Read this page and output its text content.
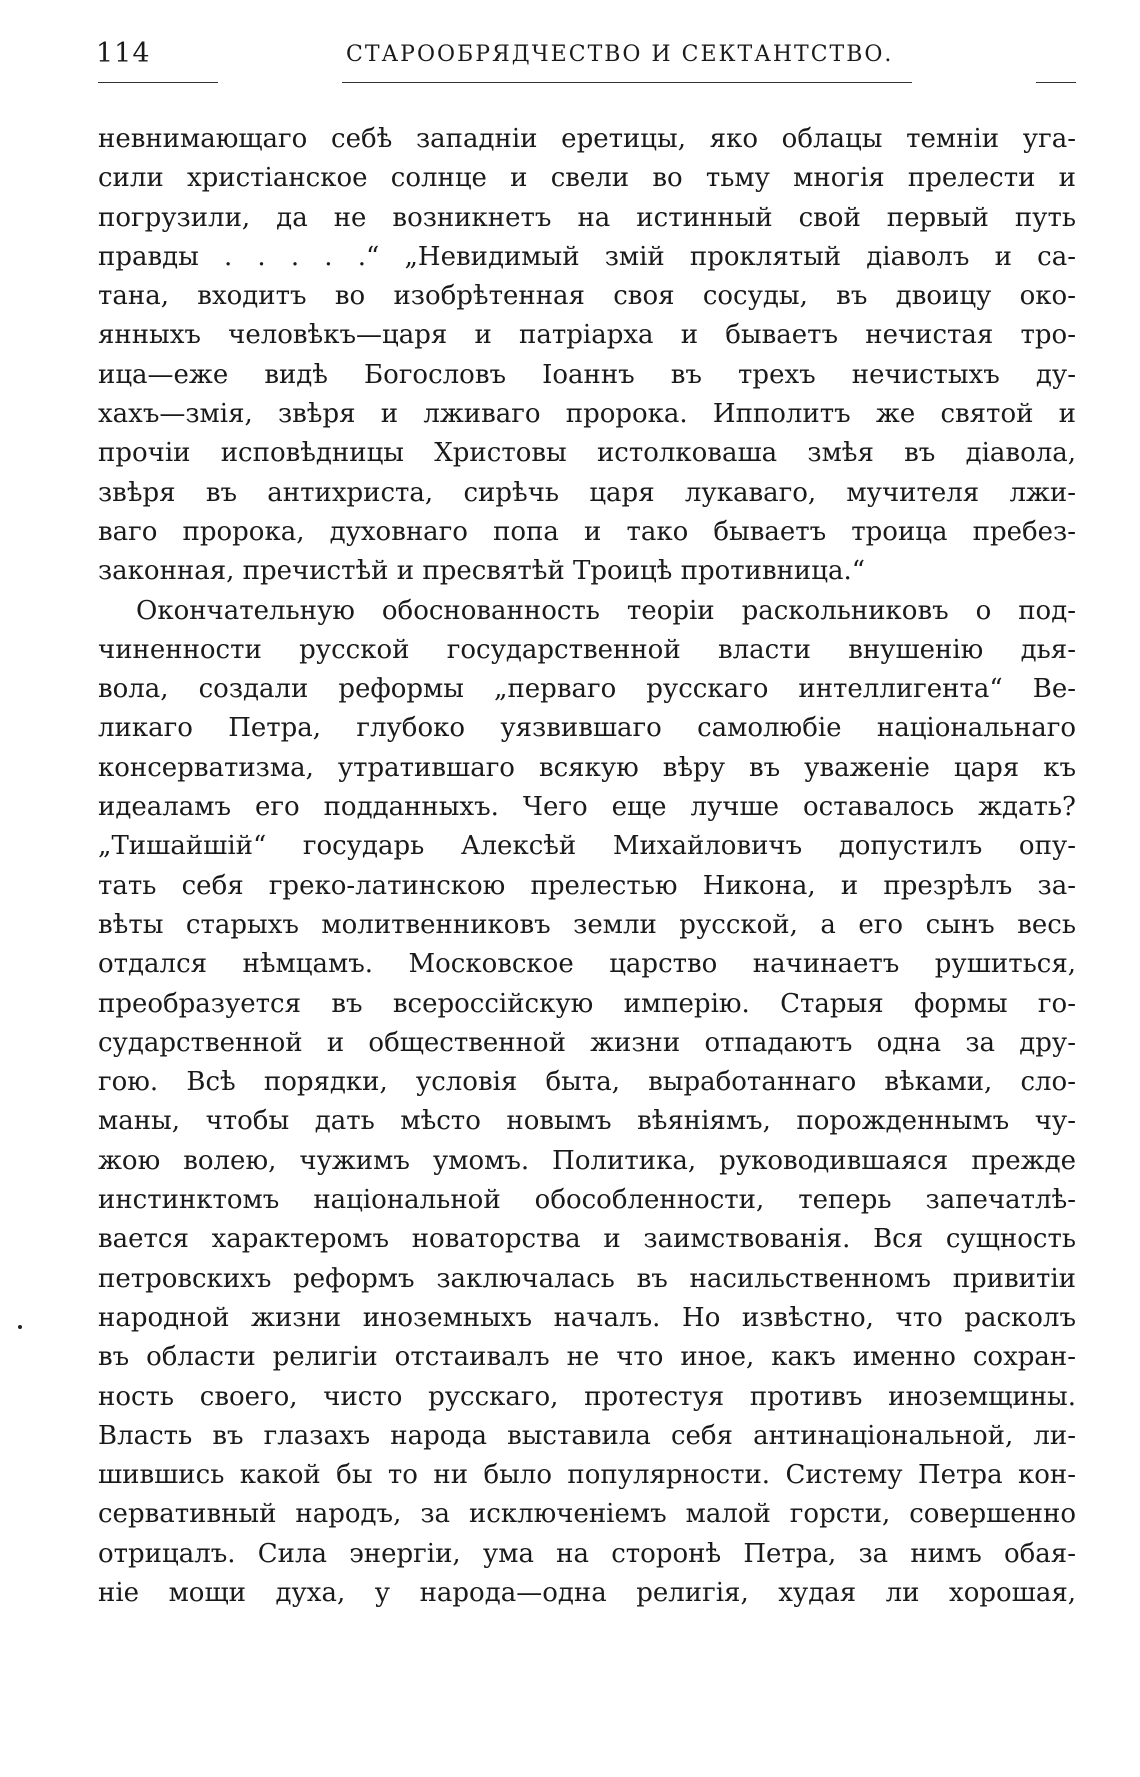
114	СТАРООБРЯДЧЕСТВО И СЕКТАНТСТВО.
невнимающаго себѣ западніи еретицы, яко облацы темніи уга-
сили христіанское солнце и свели во тьму многія прелести и
погрузили, да не возникнетъ на истинный свой первый путь
правды . . . . .“ „Невидимый змій проклятый діаволъ и са-
тана, входитъ во изобрѣтенная своя сосуды, въ двоицу око-
янныхъ человѣкъ—царя и патріарха и бываетъ нечистая тро-
ица—еже видѣ Богословъ Іоаннъ въ трехъ нечистыхъ ду-
хахъ—змія, звѣря и лживаго пророка. Ипполитъ же святой и
прочіи исповѣдницы Христовы истолковаша змѣя въ діавола,
звѣря въ антихриста, сирѣчь царя лукаваго, мучителя лжи-
ваго пророка, духовнаго попа и тако бываетъ троица пребез-
законная, пречистѣй и пресвятѣй Троицѣ противница.“
Окончательную обоснованность теоріи раскольниковъ о под-
чиненности русской государственной власти внушенію дья-
вола, создали реформы „перваго русскаго интеллигента“ Ве-
ликаго Петра, глубоко уязвившаго самолюбіе національнаго
консерватизма, утратившаго всякую вѣру въ уваженіе царя къ
идеаламъ его подданныхъ. Чего еще лучше оставалось ждать?
„Тишайшій“ государь Алексѣй Михайловичъ допустилъ опу-
тать себя греко-латинскою прелестью Никона, и презрѣлъ за-
вѣты старыхъ молитвенниковъ земли русской, а его сынъ весь
отдался нѣмцамъ. Московское царство начинаетъ рушиться,
преобразуется въ всероссійскую имперію. Старыя формы го-
сударственной и общественной жизни отпадаютъ одна за дру-
гою. Всѣ порядки, условія быта, выработаннаго вѣками, сло-
маны, чтобы дать мѣсто новымъ вѣяніямъ, порожденнымъ чу-
жою волею, чужимъ умомъ. Политика, руководившаяся прежде
инстинктомъ національной обособленности, теперь запечатлѣ-
вается характеромъ новаторства и заимствованія. Вся сущность
петровскихъ реформъ заключалась въ насильственномъ привитіи
народной жизни иноземныхъ началъ. Но извѣстно, что расколъ
въ области религіи отстаивалъ не что иное, какъ именно сохран-
ность своего, чисто русскаго, протестуя противъ иноземщины.
Власть въ глазахъ народа выставила себя антинаціональной, ли-
шившись какой бы то ни было популярности. Систему Петра кон-
сервативный народъ, за исключеніемъ малой горсти, совершенно
отрицалъ. Сила энергіи, ума на сторонѣ Петра, за нимъ обая-
ніе мощи духа, у народа—одна религія, худая ли хорошая,
